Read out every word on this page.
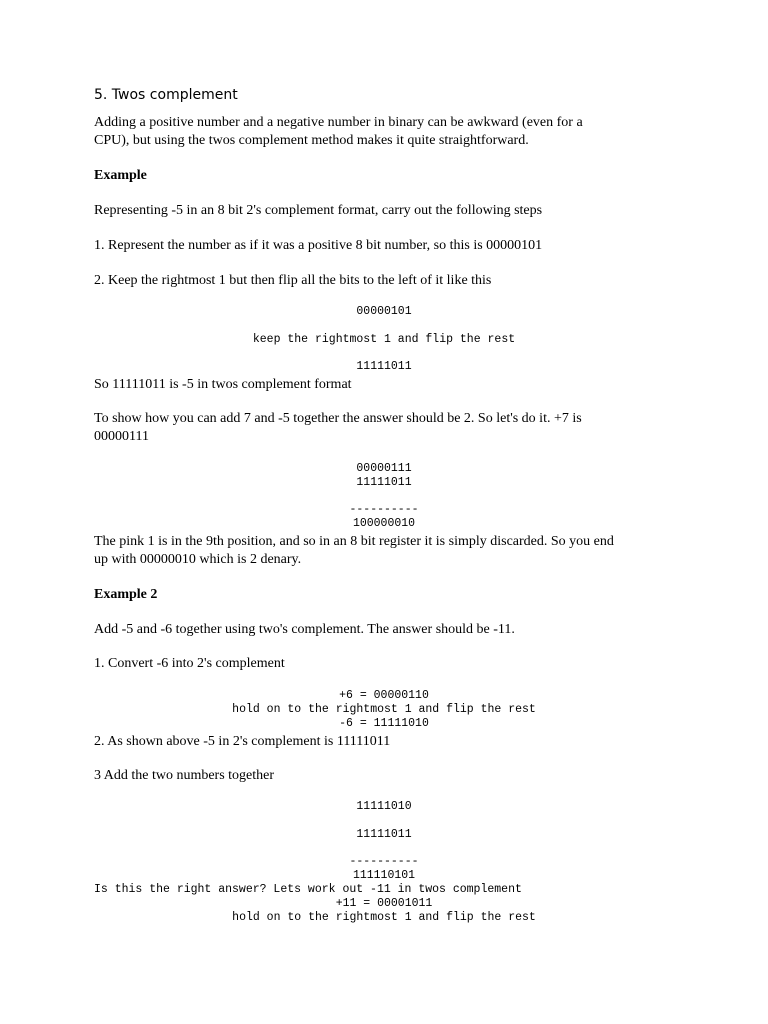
5. Twos complement
Adding a positive number and a negative number in binary can be awkward (even for a
CPU), but using the twos complement method makes it quite straightforward.
Example
Representing -5 in an 8 bit 2's complement format, carry out the following steps
1. Represent the number as if it was a positive 8 bit number, so this is 00000101
2. Keep the rightmost 1 but then flip all the bits to the left of it like this
00000101
keep the rightmost 1 and flip the rest
11111011
So 11111011 is -5 in twos complement format
To show how you can add 7 and -5 together the answer should be 2. So let's do it. +7 is
00000111
00000111
11111011
----------
100000010
The pink 1 is in the 9th position, and so in an 8 bit register it is simply discarded. So you end
up with 00000010 which is 2 denary.
Example 2
Add -5 and -6 together using two's complement. The answer should be -11.
1. Convert -6 into 2's complement
+6 = 00000110
hold on to the rightmost 1 and flip the rest
-6 = 11111010
2. As shown above -5 in 2's complement is 11111011
3 Add the two numbers together
11111010
11111011
----------
111110101
Is this the right answer? Lets work out -11 in twos complement
+11 = 00001011
hold on to the rightmost 1 and flip the rest
